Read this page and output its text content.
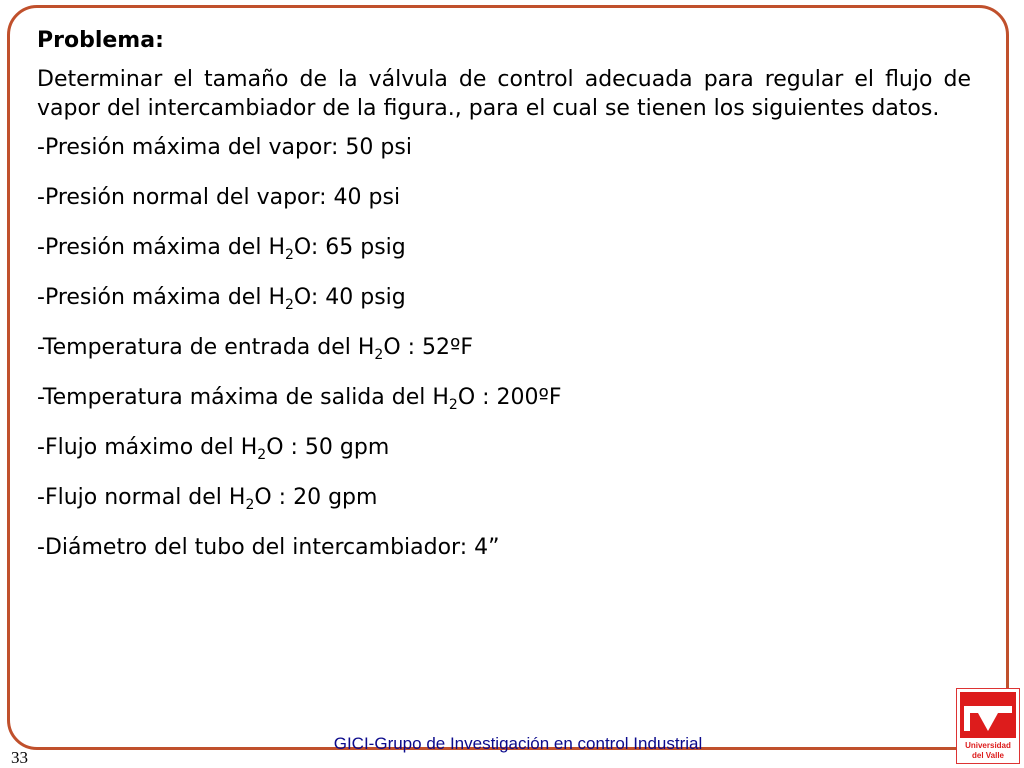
Problema:
Determinar el tamaño de la válvula de control adecuada para regular el flujo de vapor del intercambiador de la figura., para el cual se tienen los siguientes datos.
-Presión máxima del vapor: 50 psi
-Presión normal del vapor: 40 psi
-Presión máxima del $H_2O$: 65 psig
-Presión máxima del $H_2O$: 40 psig
-Temperatura de entrada del $H_2O$ : 52ºF
-Temperatura máxima de salida del $H_2O$ : 200ºF
-Flujo máximo del $H_2O$ : 50 gpm
-Flujo normal del $H_2O$ : 20 gpm
-Diámetro del tubo del intercambiador: 4”
GICI-Grupo de Investigación en control Industrial
33
Universidad
del Valle
